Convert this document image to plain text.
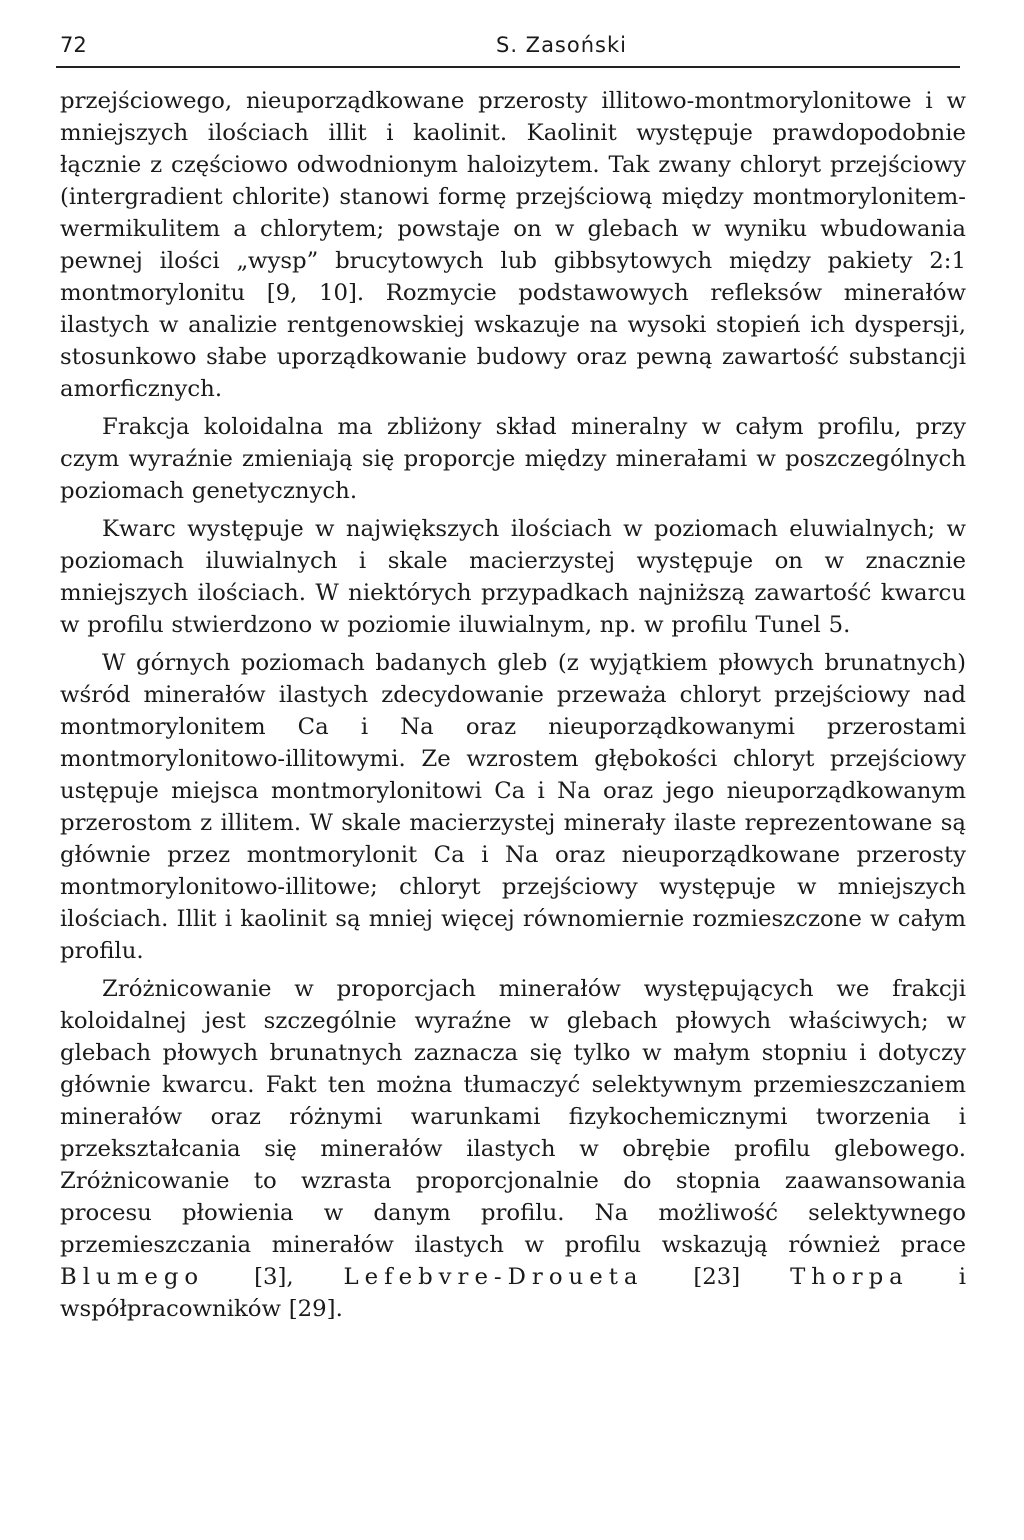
72	S. Zasoński

przejściowego, nieuporządkowane przerosty illitowo-montmorylonitowe i w mniejszych ilościach illit i kaolinit. Kaolinit występuje prawdopodobnie łącznie z częściowo odwodnionym haloizytem. Tak zwany chloryt przejściowy (intergradient chlorite) stanowi formę przejściową między montmorylonitem-wermikulitem a chlorytem; powstaje on w glebach w wyniku wbudowania pewnej ilości „wysp” brucytowych lub gibbsytowych między pakiety 2:1 montmorylonitu [9, 10]. Rozmycie podstawowych refleksów minerałów ilastych w analizie rentgenowskiej wskazuje na wysoki stopień ich dyspersji, stosunkowo słabe uporządkowanie budowy oraz pewną zawartość substancji amorficznych.

Frakcja koloidalna ma zbliżony skład mineralny w całym profilu, przy czym wyraźnie zmieniają się proporcje między minerałami w poszczególnych poziomach genetycznych.

Kwarc występuje w największych ilościach w poziomach eluwialnych; w poziomach iluwialnych i skale macierzystej występuje on w znacznie mniejszych ilościach. W niektórych przypadkach najniższą zawartość kwarcu w profilu stwierdzono w poziomie iluwialnym, np. w profilu Tunel 5.

W górnych poziomach badanych gleb (z wyjątkiem płowych brunatnych) wśród minerałów ilastych zdecydowanie przeważa chloryt przejściowy nad montmorylonitem Ca i Na oraz nieuporządkowanymi przerostami montmorylonitowo-illitowymi. Ze wzrostem głębokości chloryt przejściowy ustępuje miejsca montmorylonitowi Ca i Na oraz jego nieuporządkowanym przerostom z illitem. W skale macierzystej minerały ilaste reprezentowane są głównie przez montmorylonit Ca i Na oraz nieuporządkowane przerosty montmorylonitowo-illitowe; chloryt przejściowy występuje w mniejszych ilościach. Illit i kaolinit są mniej więcej równomiernie rozmieszczone w całym profilu.

Zróżnicowanie w proporcjach minerałów występujących we frakcji koloidalnej jest szczególnie wyraźne w glebach płowych właściwych; w glebach płowych brunatnych zaznacza się tylko w małym stopniu i dotyczy głównie kwarcu. Fakt ten można tłumaczyć selektywnym przemieszczaniem minerałów oraz różnymi warunkami fizykochemicznymi tworzenia i przekształcania się minerałów ilastych w obrębie profilu glebowego. Zróżnicowanie to wzrasta proporcjonalnie do stopnia zaawansowania procesu płowienia w danym profilu. Na możliwość selektywnego przemieszczania minerałów ilastych w profilu wskazują również prace Blumego [3], Lefebvre-Droueta [23] Thorpa i współpracowników [29].
